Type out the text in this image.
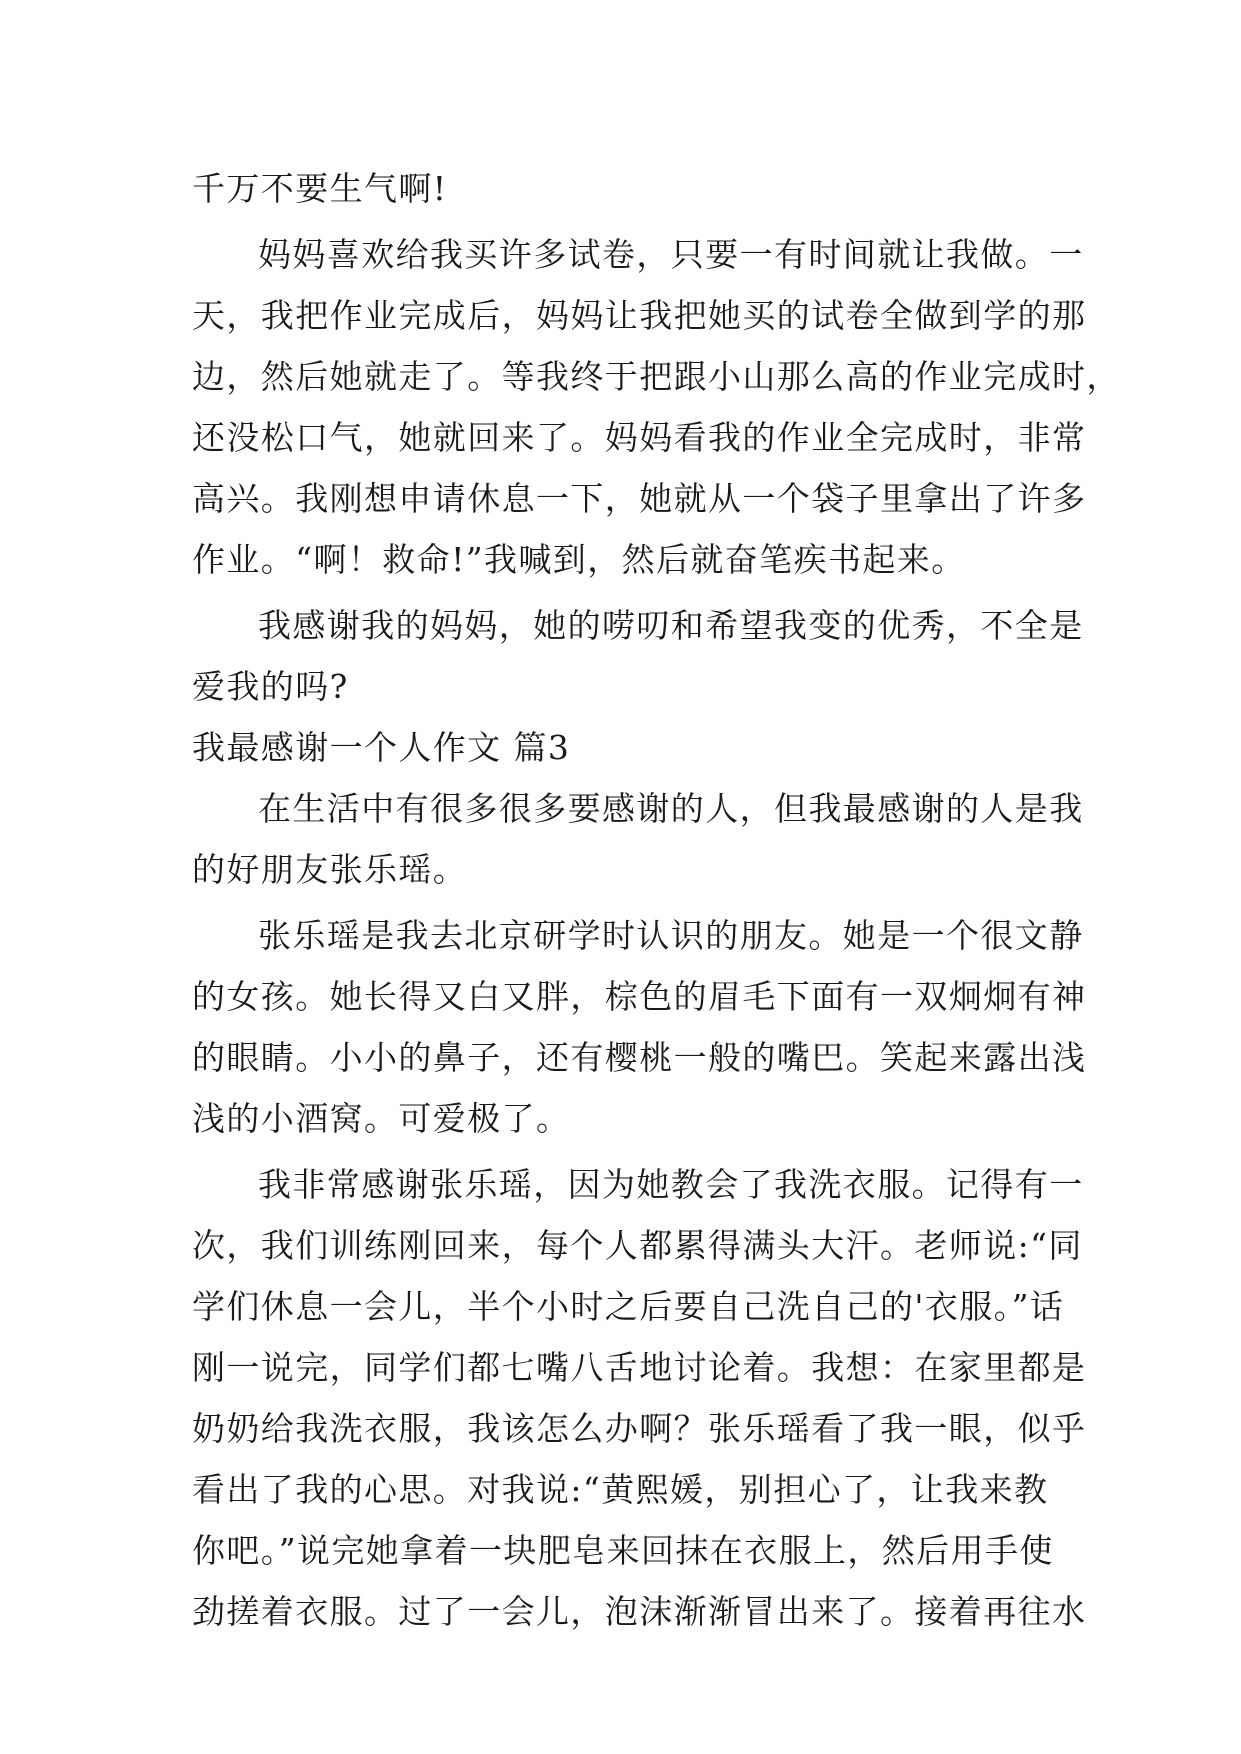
千万不要生气啊!
妈妈喜欢给我买许多试卷，只要一有时间就让我做。一
天，我把作业完成后，妈妈让我把她买的试卷全做到学的那
边，然后她就走了。等我终于把跟小山那么高的作业完成时，
还没松口气，她就回来了。妈妈看我的作业全完成时，非常
高兴。我刚想申请休息一下，她就从一个袋子里拿出了许多
作业。“啊！救命!”我喊到，然后就奋笔疾书起来。
我感谢我的妈妈，她的唠叨和希望我变的优秀，不全是
爱我的吗?
我最感谢一个人作文 篇3
在生活中有很多很多要感谢的人，但我最感谢的人是我
的好朋友张乐瑶。
张乐瑶是我去北京研学时认识的朋友。她是一个很文静
的女孩。她长得又白又胖，棕色的眉毛下面有一双炯炯有神
的眼睛。小小的鼻子，还有樱桃一般的嘴巴。笑起来露出浅
浅的小酒窝。可爱极了。
我非常感谢张乐瑶，因为她教会了我洗衣服。记得有一
次，我们训练刚回来，每个人都累得满头大汗。老师说:“同
学们休息一会儿，半个小时之后要自己洗自己的'衣服。”话
刚一说完，同学们都七嘴八舌地讨论着。我想：在家里都是
奶奶给我洗衣服，我该怎么办啊？张乐瑶看了我一眼，似乎
看出了我的心思。对我说:“黄熙媛，别担心了，让我来教
你吧。”说完她拿着一块肥皂来回抹在衣服上，然后用手使
劲搓着衣服。过了一会儿，泡沫渐渐冒出来了。接着再往水
